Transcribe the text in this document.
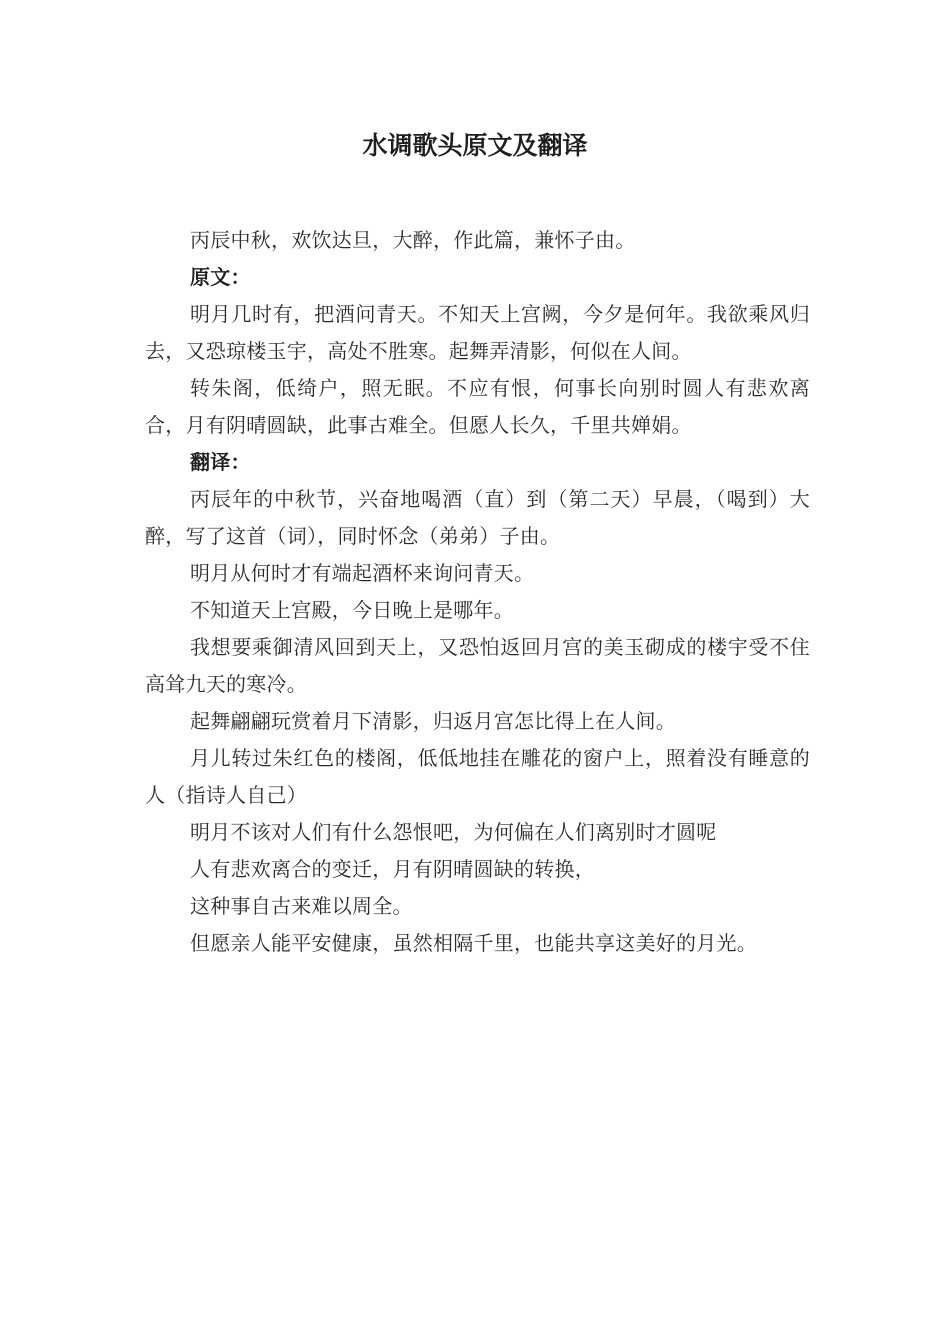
水调歌头原文及翻译

丙辰中秋，欢饮达旦，大醉，作此篇，兼怀子由。

原文：

明月几时有，把酒问青天。不知天上宫阙，今夕是何年。我欲乘风归去，又恐琼楼玉宇，高处不胜寒。起舞弄清影，何似在人间。

转朱阁，低绮户，照无眠。不应有恨，何事长向别时圆人有悲欢离合，月有阴晴圆缺，此事古难全。但愿人长久，千里共婵娟。

翻译：

丙辰年的中秋节，兴奋地喝酒（直）到（第二天）早晨，（喝到）大醉，写了这首（词），同时怀念（弟弟）子由。

明月从何时才有端起酒杯来询问青天。

不知道天上宫殿，今日晚上是哪年。

我想要乘御清风回到天上，又恐怕返回月宫的美玉砌成的楼宇受不住高耸九天的寒冷。

起舞翩翩玩赏着月下清影，归返月宫怎比得上在人间。

月儿转过朱红色的楼阁，低低地挂在雕花的窗户上，照着没有睡意的人（指诗人自己）

明月不该对人们有什么怨恨吧，为何偏在人们离别时才圆呢

人有悲欢离合的变迁，月有阴晴圆缺的转换，

这种事自古来难以周全。

但愿亲人能平安健康，虽然相隔千里，也能共享这美好的月光。
